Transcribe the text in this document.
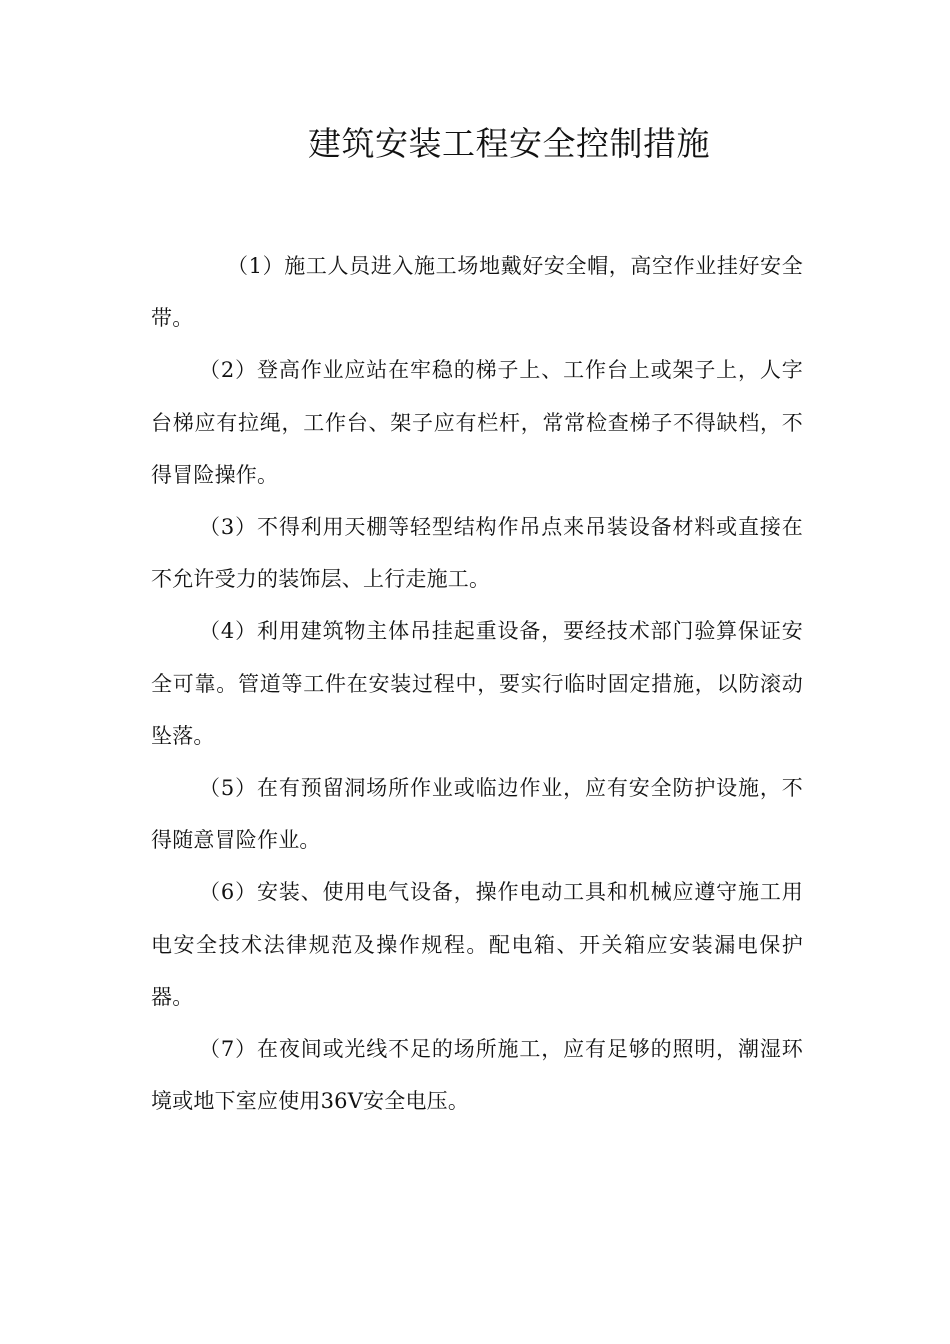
建筑安装工程安全控制措施

（1）施工人员进入施工场地戴好安全帽，高空作业挂好安全带。

（2）登高作业应站在牢稳的梯子上、工作台上或架子上，人字台梯应有拉绳，工作台、架子应有栏杆，常常检查梯子不得缺档，不得冒险操作。

（3）不得利用天棚等轻型结构作吊点来吊装设备材料或直接在不允许受力的装饰层、上行走施工。

（4）利用建筑物主体吊挂起重设备，要经技术部门验算保证安全可靠。管道等工件在安装过程中，要实行临时固定措施，以防滚动坠落。

（5）在有预留洞场所作业或临边作业，应有安全防护设施，不得随意冒险作业。

（6）安装、使用电气设备，操作电动工具和机械应遵守施工用电安全技术法律规范及操作规程。配电箱、开关箱应安装漏电保护器。

（7）在夜间或光线不足的场所施工，应有足够的照明，潮湿环境或地下室应使用36V安全电压。
